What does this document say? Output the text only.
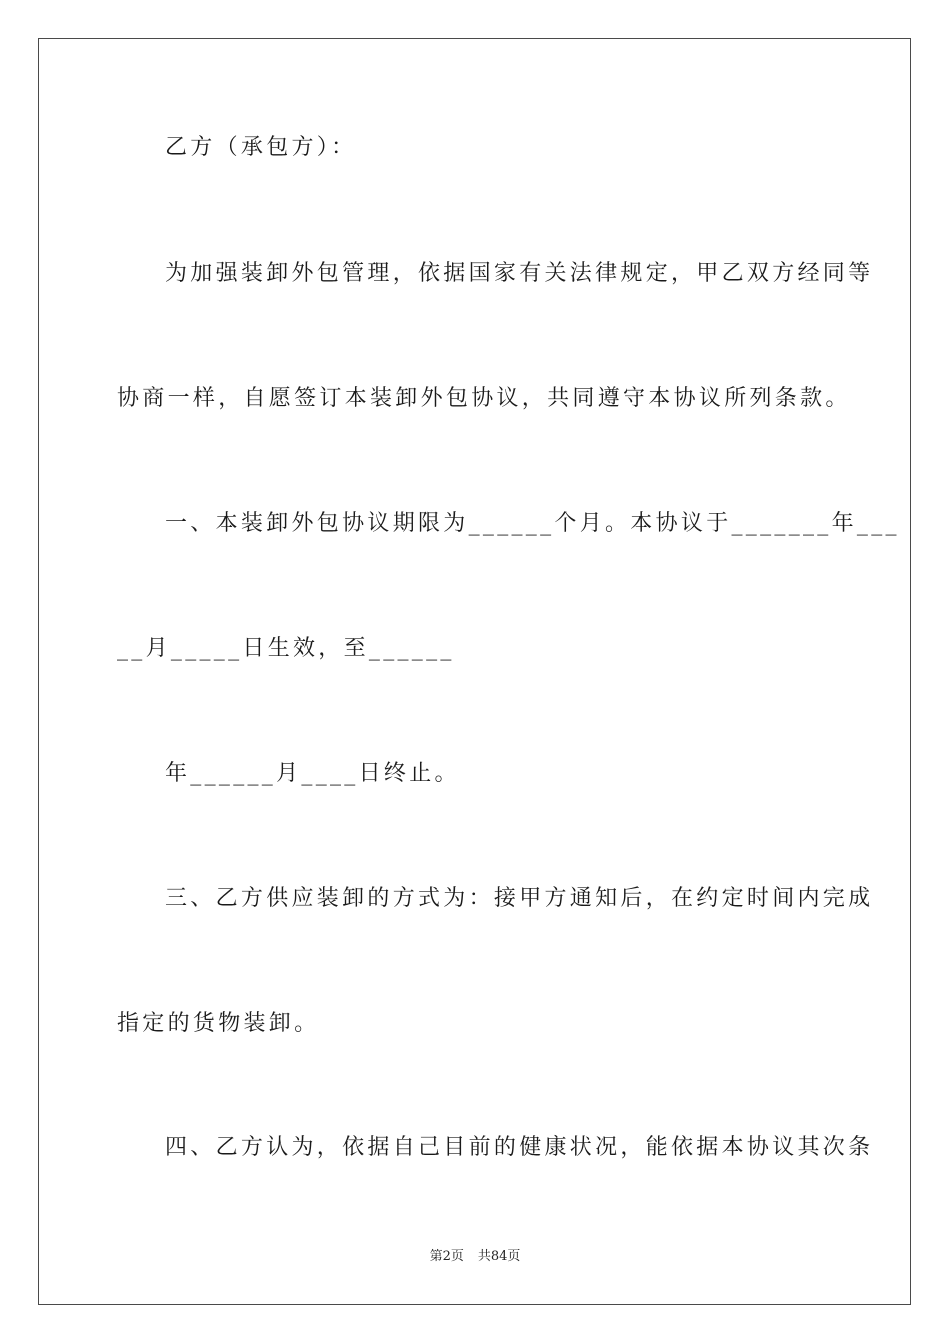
乙方（承包方）：
为加强装卸外包管理，依据国家有关法律规定，甲乙双方经同等
协商一样，自愿签订本装卸外包协议，共同遵守本协议所列条款。
一、本装卸外包协议期限为______个月。本协议于_______年___
__月_____日生效，至______
年______月____日终止。
三、乙方供应装卸的方式为：接甲方通知后，在约定时间内完成
指定的货物装卸。
四、乙方认为，依据自己目前的健康状况，能依据本协议其次条
第2页 共84页
